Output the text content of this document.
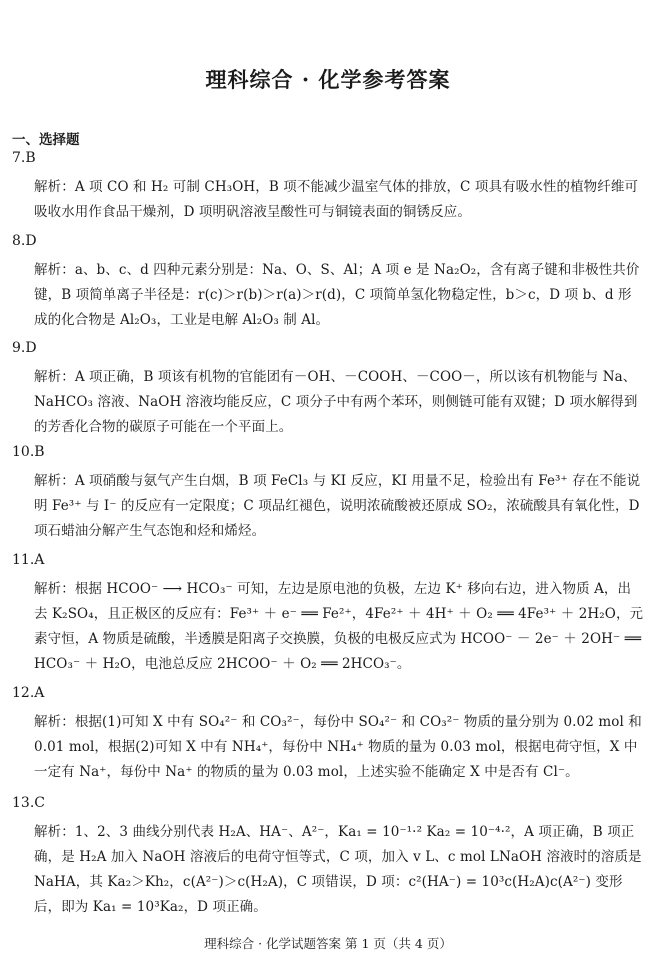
理科综合 · 化学参考答案
一、选择题
7.B
解析：A 项 CO 和 H₂ 可制 CH₃OH，B 项不能减少温室气体的排放，C 项具有吸水性的植物纤维可吸收水用作食品干燥剂，D 项明矾溶液呈酸性可与铜镜表面的铜锈反应。
8.D
解析：a、b、c、d 四种元素分别是：Na、O、S、Al；A 项 e 是 Na₂O₂，含有离子键和非极性共价键，B 项简单离子半径是：r(c)＞r(b)＞r(a)＞r(d)，C 项简单氢化物稳定性，b＞c，D 项 b、d 形成的化合物是 Al₂O₃，工业是电解 Al₂O₃ 制 Al。
9.D
解析：A 项正确，B 项该有机物的官能团有－OH、－COOH、－COO－，所以该有机物能与 Na、NaHCO₃ 溶液、NaOH 溶液均能反应，C 项分子中有两个苯环，则侧链可能有双键；D 项水解得到的芳香化合物的碳原子可能在一个平面上。
10.B
解析：A 项硝酸与氨气产生白烟，B 项 FeCl₃ 与 KI 反应，KI 用量不足，检验出有 Fe³⁺ 存在不能说明 Fe³⁺ 与 I⁻ 的反应有一定限度；C 项品红褪色，说明浓硫酸被还原成 SO₂，浓硫酸具有氧化性，D 项石蜡油分解产生气态饱和烃和烯烃。
11.A
解析：根据 HCOO⁻ ⟶ HCO₃⁻ 可知，左边是原电池的负极，左边 K⁺ 移向右边，进入物质 A，出去 K₂SO₄，且正极区的反应有：Fe³⁺ ＋ e⁻ ══ Fe²⁺，4Fe²⁺ ＋ 4H⁺ ＋ O₂ ══ 4Fe³⁺ ＋ 2H₂O，元素守恒，A 物质是硫酸，半透膜是阳离子交换膜，负极的电极反应式为 HCOO⁻ － 2e⁻ ＋ 2OH⁻ ══ HCO₃⁻ ＋ H₂O，电池总反应 2HCOO⁻ ＋ O₂ ══ 2HCO₃⁻。
12.A
解析：根据(1)可知 X 中有 SO₄²⁻ 和 CO₃²⁻，每份中 SO₄²⁻ 和 CO₃²⁻ 物质的量分别为 0.02 mol 和 0.01 mol，根据(2)可知 X 中有 NH₄⁺，每份中 NH₄⁺ 物质的量为 0.03 mol，根据电荷守恒，X 中一定有 Na⁺，每份中 Na⁺ 的物质的量为 0.03 mol，上述实验不能确定 X 中是否有 Cl⁻。
13.C
解析：1、2、3 曲线分别代表 H₂A、HA⁻、A²⁻，Ka₁ = 10⁻¹·² Ka₂ = 10⁻⁴·²，A 项正确，B 项正确，是 H₂A 加入 NaOH 溶液后的电荷守恒等式，C 项，加入 v L、c mol LNaOH 溶液时的溶质是 NaHA，其 Ka₂＞Kh₂，c(A²⁻)＞c(H₂A)，C 项错误，D 项：c²(HA⁻) = 10³c(H₂A)c(A²⁻) 变形后，即为 Ka₁ = 10³Ka₂，D 项正确。
理科综合 · 化学试题答案 第 1 页（共 4 页）
